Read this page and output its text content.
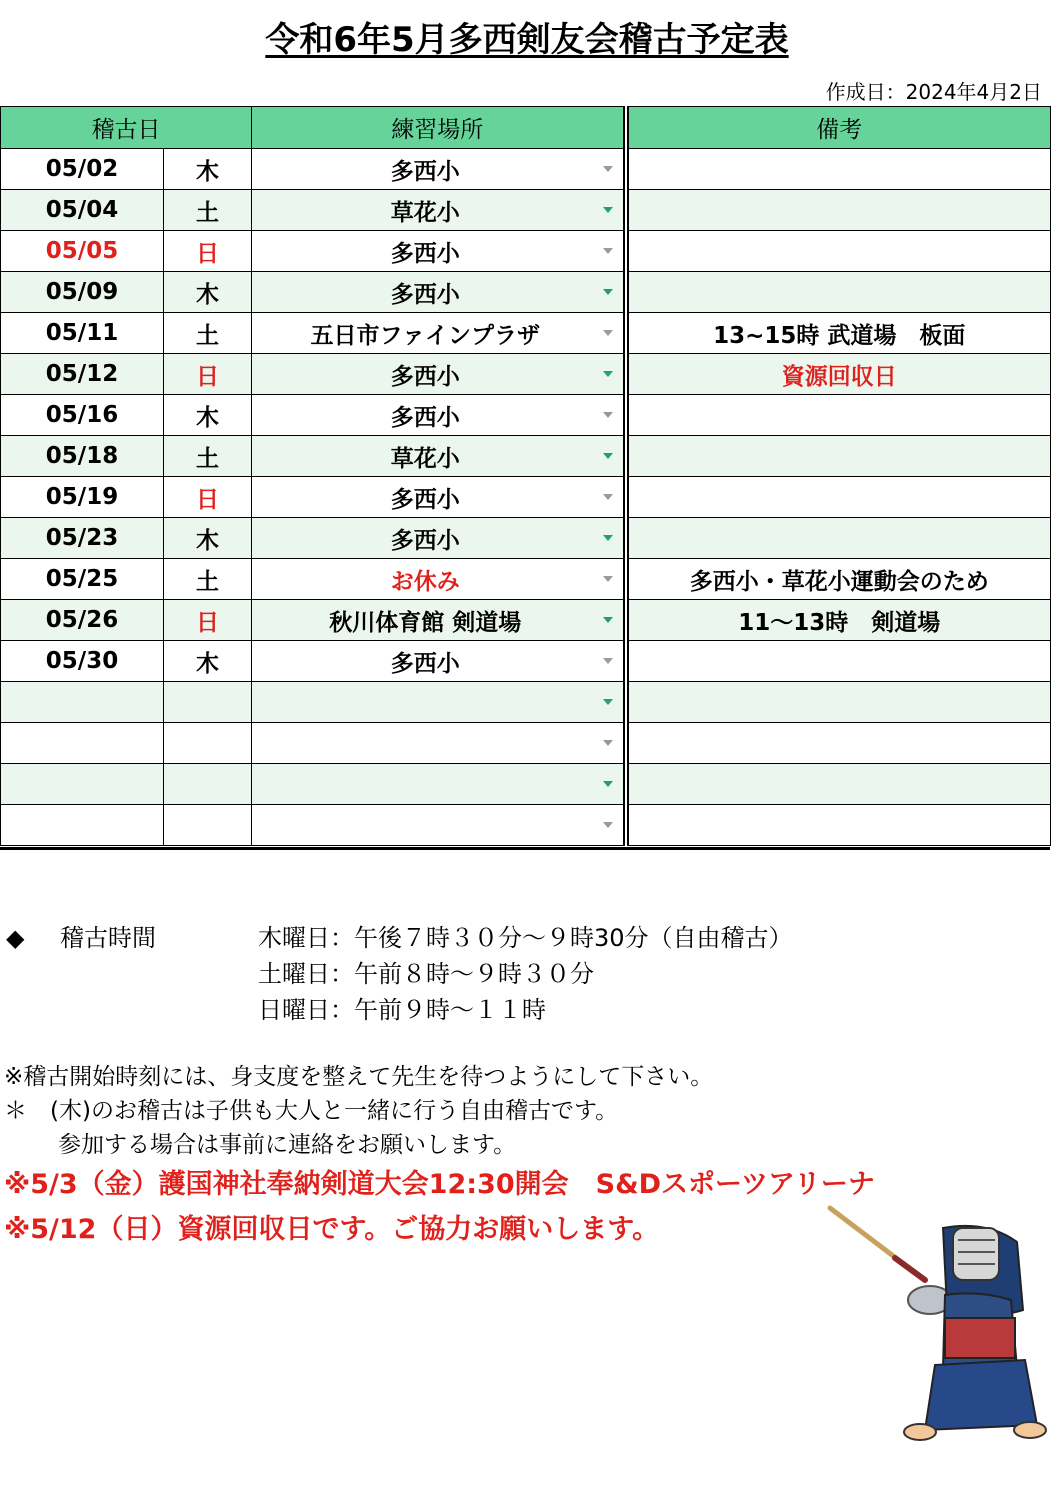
令和6年5月多西剣友会稽古予定表
作成日：2024年4月2日
稽古日		練習場所	備考
05/02	木	多西小

05/04	土	草花小

05/05	日	多西小

05/09	木	多西小

05/11	土	五日市ファインプラザ	13~15時 武道場　板面
05/12	日	多西小	資源回収日
05/16	木	多西小

05/18	土	草花小

05/19	日	多西小

05/23	木	多西小

05/25	土	お休み	多西小・草花小運動会のため
05/26	日	秋川体育館 剣道場	11〜13時　剣道場
05/30	木	多西小

◆ 稽古時間	木曜日：午後７時３０分〜９時30分（自由稽古）
土曜日：午前８時〜９時３０分
日曜日：午前９時〜１１時
※稽古開始時刻には、身支度を整えて先生を待つようにして下さい。
＊　(木)のお稽古は子供も大人と一緒に行う自由稽古です。
参加する場合は事前に連絡をお願いします。
※5/3（金）護国神社奉納剣道大会12:30開会　S&Dスポーツアリーナ
※5/12（日）資源回収日です。ご協力お願いします。
